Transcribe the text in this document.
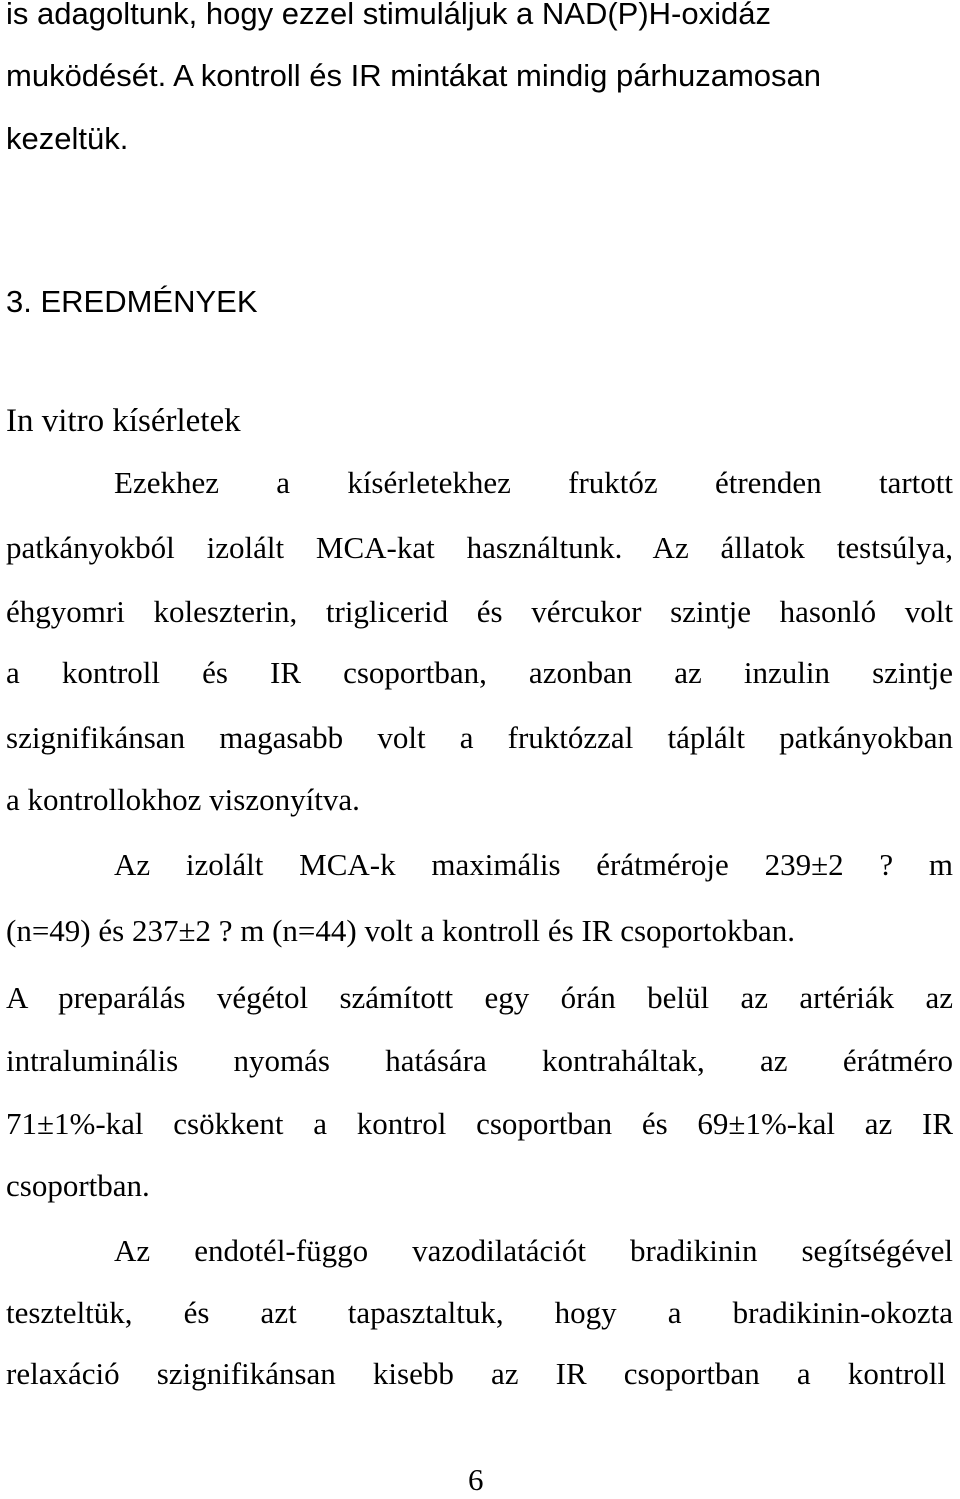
is adagoltunk, hogy ezzel stimuláljuk a NAD(P)H-oxidáz
muködését. A kontroll és IR mintákat mindig párhuzamosan
kezeltük.
3. EREDMÉNYEK
In vitro kísérletek
Ezekhez a kísérletekhez fruktóz étrenden tartott
patkányokból izolált MCA-kat használtunk. Az állatok testsúlya,
éhgyomri koleszterin, triglicerid és vércukor szintje hasonló volt
a kontroll és IR csoportban, azonban az inzulin szintje
szignifikánsan magasabb volt a fruktózzal táplált patkányokban
a kontrollokhoz viszonyítva.
Az izolált MCA-k maximális érátméroje 239±2 ? m
(n=49) és 237±2 ? m (n=44) volt a kontroll és IR csoportokban.
A preparálás végétol számított egy órán belül az artériák az
intraluminális nyomás hatására kontraháltak, az érátméro
71±1%-kal csökkent a kontrol csoportban és 69±1%-kal az IR
csoportban.
Az endotél-függo vazodilatációt bradikinin segítségével
teszteltük, és azt tapasztaltuk, hogy a bradikinin-okozta
relaxáció szignifikánsan kisebb az IR csoportban a kontroll
6
